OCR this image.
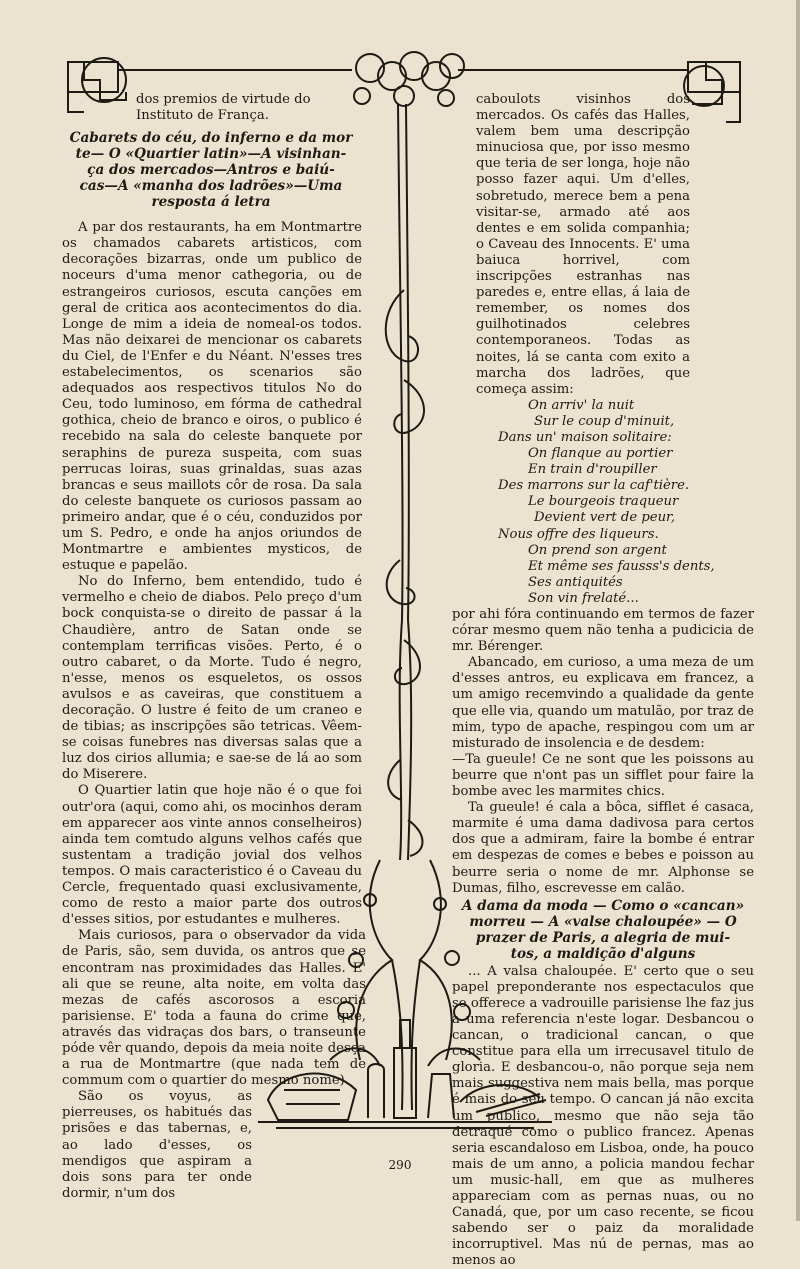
dos premios de virtude do

Instituto de França.

Cabarets do céu, do inferno e da mor
te— O «Quartier latin»—A visinhan-
ça dos mercados—Antros e baiú-
cas—A «manha dos ladrões»—Uma
resposta á letra

A par dos restaurants, ha em Montmartre os chamados cabarets artisticos, com decorações bizarras, onde um publico de noceurs d'uma menor cathegoria, ou de estrangeiros curiosos, escuta canções em geral de critica aos acontecimentos do dia. Longe de mim a ideia de nomeal-os todos. Mas não deixarei de mencionar os cabarets du Ciel, de l'Enfer e du Néant. N'esses tres estabelecimentos, os scenarios são adequados aos respectivos titulos No do Ceu, todo luminoso, em fórma de cathedral gothica, cheio de branco e oiros, o publico é recebido na sala do celeste banquete por seraphins de pureza suspeita, com suas perrucas loiras, suas grinaldas, suas azas brancas e seus maillots côr de rosa. Da sala do celeste banquete os curiosos passam ao primeiro andar, que é o céu, conduzidos por um S. Pedro, e onde ha anjos oriundos de Montmartre e ambientes mysticos, de estuque e papelão.

No do Inferno, bem entendido, tudo é vermelho e cheio de diabos. Pelo preço d'um bock conquista-se o direito de passar á la Chaudière, antro de Satan onde se contemplam terrificas visões. Perto, é o outro cabaret, o da Morte. Tudo é negro, n'esse, menos os esqueletos, os ossos avulsos e as caveiras, que constituem a decoração. O lustre é feito de um craneo e de tibias; as inscripções são tetricas. Vêem-se coisas funebres nas diversas salas que a luz dos cirios allumia; e sae-se de lá ao som do Miserere.

O Quartier latin que hoje não é o que foi outr'ora (aqui, como ahi, os mocinhos deram em apparecer aos vinte annos conselheiros) ainda tem comtudo alguns velhos cafés que sustentam a tradição jovial dos velhos tempos. O mais caracteristico é o Caveau du Cercle, frequentado quasi exclusivamente, como de resto a maior parte dos outros d'esses sitios, por estudantes e mulheres.

Mais curiosos, para o observador da vida de Paris, são, sem duvida, os antros que se encontram nas proximidades das Halles. E' ali que se reune, alta noite, em volta das mezas de cafés ascorosos a escoria parisiense. E' toda a fauna do crime que, através das vidraças dos bars, o transeunte póde vêr quando, depois da meia noite desça a rua de Montmartre (que nada tem de commum com o quartier do mesmo nome).

São os voyus, as pierreuses, os habitués das prisões e das tabernas, e, ao lado d'esses, os mendigos que aspiram a dois sons para ter onde dormir, n'um dos

caboulots visinhos dos mercados. Os cafés das Halles, valem bem uma descripção minuciosa que, por isso mesmo que teria de ser longa, hoje não posso fazer aqui. Um d'elles, sobretudo, merece bem a pena visitar-se, armado até aos dentes e em solida companhia; o Caveau des Innocents. E' uma baiuca horrivel, com inscripções estranhas nas paredes e, entre ellas, á laia de remember, os nomes dos guilhotinados celebres contemporaneos. Todas as noites, lá se canta com exito a marcha dos ladrões, que começa assim:

On arriv' la nuit
Sur le coup d'minuit,
Dans un' maison solitaire:
On flanque au portier
En train d'roupiller
Des marrons sur la caf'tière.
Le bourgeois traqueur
Devient vert de peur,
Nous offre des liqueurs.
On prend son argent
Et même ses fausss's dents,
Ses antiquités
Son vin frelaté...

por ahi fóra continuando em termos de fazer córar mesmo quem não tenha a pudicicia de mr. Bérenger.

Abancado, em curioso, a uma meza de um d'esses antros, eu explicava em francez, a um amigo recemvindo a qualidade da gente que elle via, quando um matulão, por traz de mim, typo de apache, respingou com um ar misturado de insolencia e de desdem:

—Ta gueule! Ce ne sont que les poissons au beurre que n'ont pas un sifflet pour faire la bombe avec les marmites chics.

Ta gueule! é cala a bôca, sifflet é casaca, marmite é uma dama dadivosa para certos dos que a admiram, faire la bombe é entrar em despezas de comes e bebes e poisson au beurre seria o nome de mr. Alphonse se Dumas, filho, escrevesse em calão.

A dama da moda — Como o «cancan»
morreu — A «valse chaloupée» — O
prazer de Paris, a alegria de mui-
tos, a maldição d'alguns

... A valsa chaloupée. E' certo que o seu papel preponderante nos espectaculos que se offerece a vadrouille parisiense lhe faz jus a uma referencia n'este logar. Desbancou o cancan, o tradicional cancan, o que constitue para ella um irrecusavel titulo de gloria. E desbancou-o, não porque seja nem mais suggestiva nem mais bella, mas porque é mais do seu tempo. O cancan já não excita um publico, mesmo que não seja tão detraqué como o publico francez. Apenas seria escandaloso em Lisboa, onde, ha pouco mais de um anno, a policia mandou fechar um music-hall, em que as mulheres appareciam com as pernas nuas, ou no Canadá, que, por um caso recente, se ficou sabendo ser o paiz da moralidade incorruptivel. Mas nú de pernas, mas ao menos ao

290
